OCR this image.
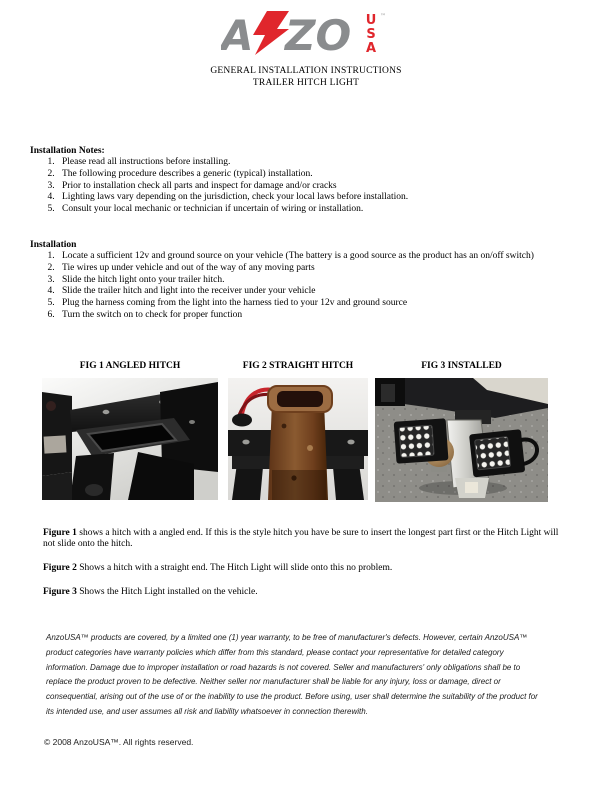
A ZO U
S
A
™
GENERAL INSTALLATION INSTRUCTIONS
TRAILER HITCH LIGHT
Installation Notes:
1. Please read all instructions before installing.
2. The following procedure describes a generic (typical) installation.
3. Prior to installation check all parts and inspect for damage and/or cracks
4. Lighting laws vary depending on the jurisdiction, check your local laws before installation.
5. Consult your local mechanic or technician if uncertain of wiring or installation.
Installation
1. Locate a sufficient 12v and ground source on your vehicle (The battery is a good source as the product has an on/off switch)
2. Tie wires up under vehicle and out of the way of any moving parts
3. Slide the hitch light onto your trailer hitch.
4. Slide the trailer hitch and light into the receiver under your vehicle
5. Plug the harness coming from the light into the harness tied to your 12v and ground source
6. Turn the switch on to check for proper function
FIG 1 ANGLED HITCH	FIG 2 STRAIGHT HITCH	FIG 3 INSTALLED

Figure 1 shows a hitch with a angled end. If this is the style hitch you have be sure to insert the longest part first or the Hitch Light will not slide onto the hitch.

Figure 2 Shows a hitch with a straight end. The Hitch Light will slide onto this no problem.

Figure 3 Shows the Hitch Light installed on the vehicle.

AnzoUSA™ products are covered, by a limited one (1) year warranty, to be free of manufacturer's defects. However, certain AnzoUSA™ product categories have warranty policies which differ from this standard, please contact your representative for detailed category information. Damage due to improper installation or road hazards is not covered. Seller and manufacturers' only obligations shall be to replace the product proven to be defective. Neither seller nor manufacturer shall be liable for any injury, loss or damage, direct or consequential, arising out of the use of or the inability to use the product. Before using, user shall determine the suitability of the product for its intended use, and user assumes all risk and liability whatsoever in connection therewith.
© 2008 AnzoUSA™. All rights reserved.
